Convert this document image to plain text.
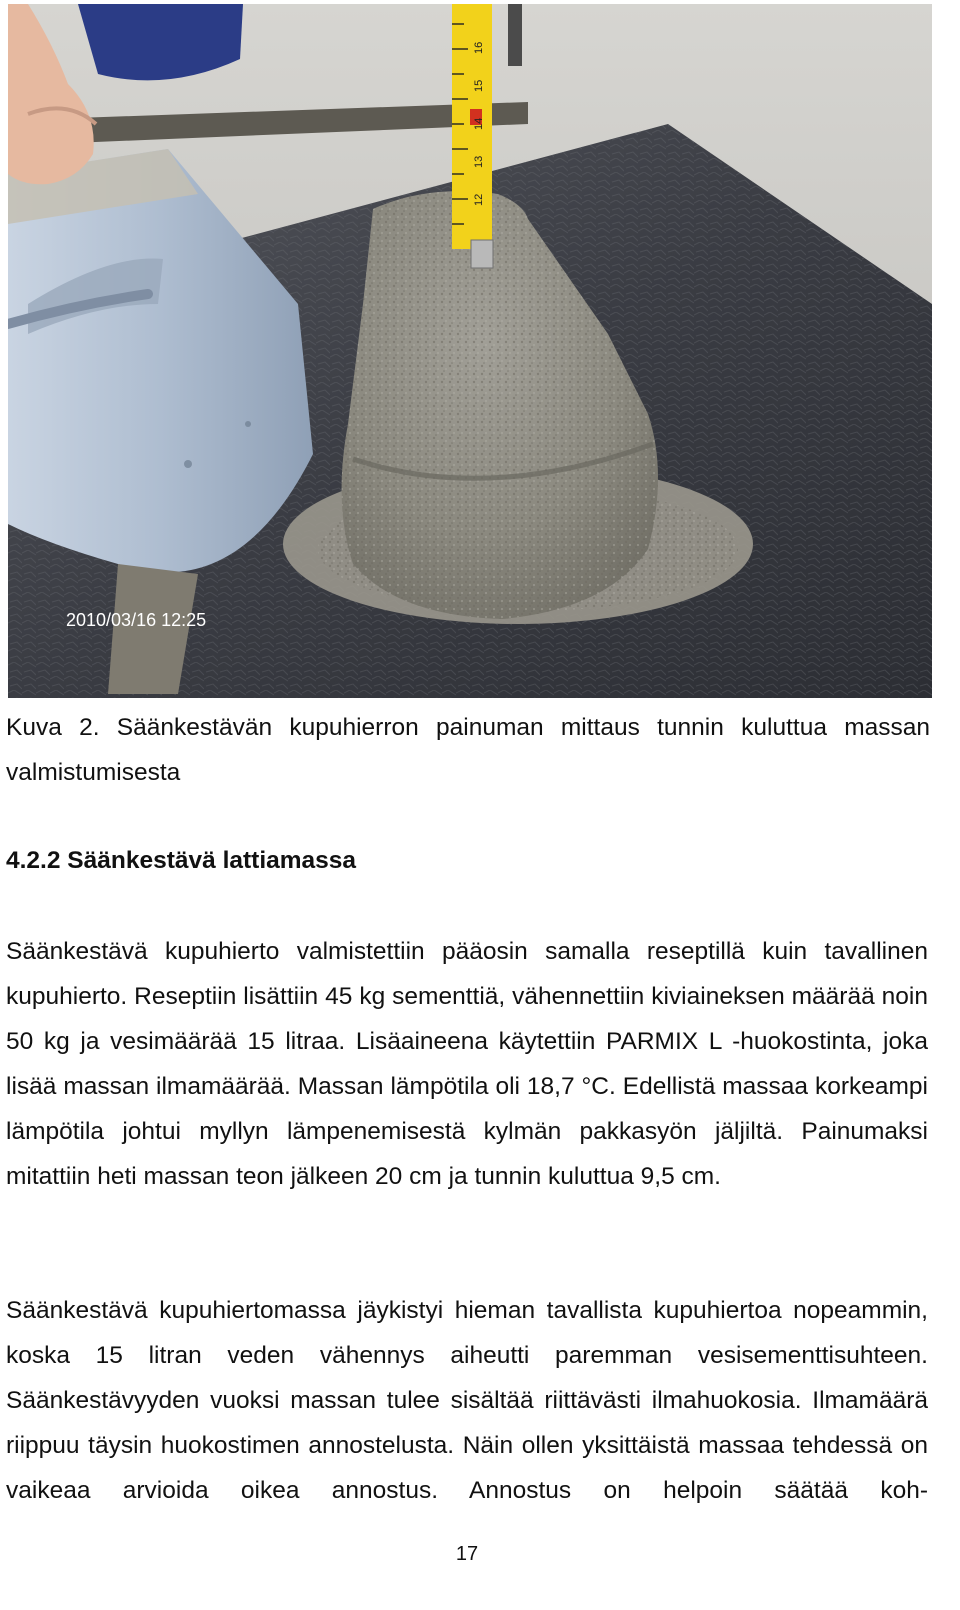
16
15
14
13
12
2010/03/16 12:25
Kuva 2. Säänkestävän kupuhierron painuman mittaus tunnin kuluttua massan valmistumisesta
4.2.2 Säänkestävä lattiamassa
Säänkestävä kupuhierto valmistettiin pääosin samalla reseptillä kuin tavallinen kupuhierto. Reseptiin lisättiin 45 kg sementtiä, vähennettiin kiviaineksen määrää noin 50 kg ja vesimäärää 15 litraa. Lisäaineena käytettiin PARMIX L -huokostinta, joka lisää massan ilmamäärää. Massan lämpötila oli 18,7 °C. Edellistä massaa korkeampi lämpötila johtui myllyn lämpenemisestä kylmän pakkasyön jäljiltä. Painumaksi mitattiin heti massan teon jälkeen 20 cm ja tunnin kuluttua 9,5 cm.
Säänkestävä kupuhiertomassa jäykistyi hieman tavallista kupuhiertoa nopeammin, koska 15 litran veden vähennys aiheutti paremman vesisementtisuhteen. Säänkestävyyden vuoksi massan tulee sisältää riittävästi ilmahuokosia. Ilmamäärä riippuu täysin huokostimen annostelusta. Näin ollen yksittäistä massaa tehdessä on vaikeaa arvioida oikea annostus. Annostus on helpoin säätää koh-
17
